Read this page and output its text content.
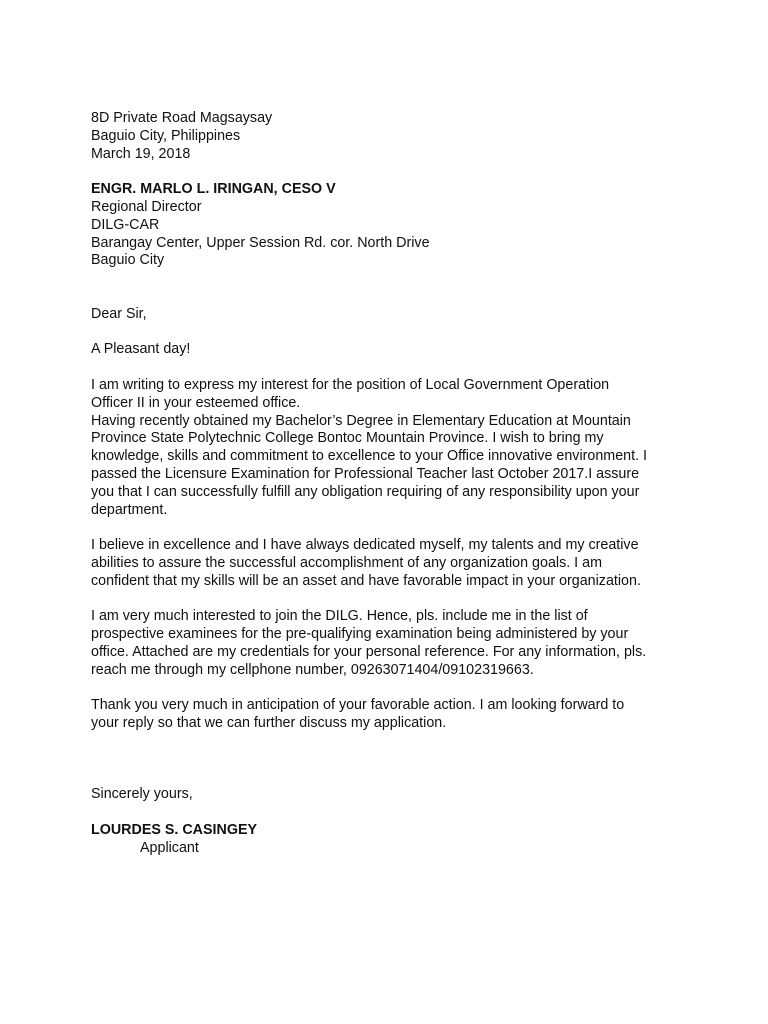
8D Private Road Magsaysay
Baguio City, Philippines
March 19, 2018
ENGR. MARLO L. IRINGAN, CESO V
Regional Director
DILG-CAR
Barangay Center, Upper Session Rd. cor. North Drive
Baguio City
Dear Sir,
A Pleasant day!
I am writing to express my interest for the position of Local Government Operation
Officer II in your esteemed office.
Having recently obtained my Bachelor’s Degree in Elementary Education at Mountain
Province State Polytechnic College Bontoc Mountain Province. I wish to bring my
knowledge, skills and commitment to excellence to your Office innovative environment. I
passed the Licensure Examination for Professional Teacher last October 2017.I assure
you that I can successfully fulfill any obligation requiring of any responsibility upon your
department.
I believe in excellence and I have always dedicated myself, my talents and my creative
abilities to assure the successful accomplishment of any organization goals. I am
confident that my skills will be an asset and have favorable impact in your organization.
I am very much interested to join the DILG. Hence, pls. include me in the list of
prospective examinees for the pre-qualifying examination being administered by your
office. Attached are my credentials for your personal reference. For any information, pls.
reach me through my cellphone number, 09263071404/09102319663.
Thank you very much in anticipation of your favorable action. I am looking forward to
your reply so that we can further discuss my application.
Sincerely yours,
LOURDES S. CASINGEY
Applicant
